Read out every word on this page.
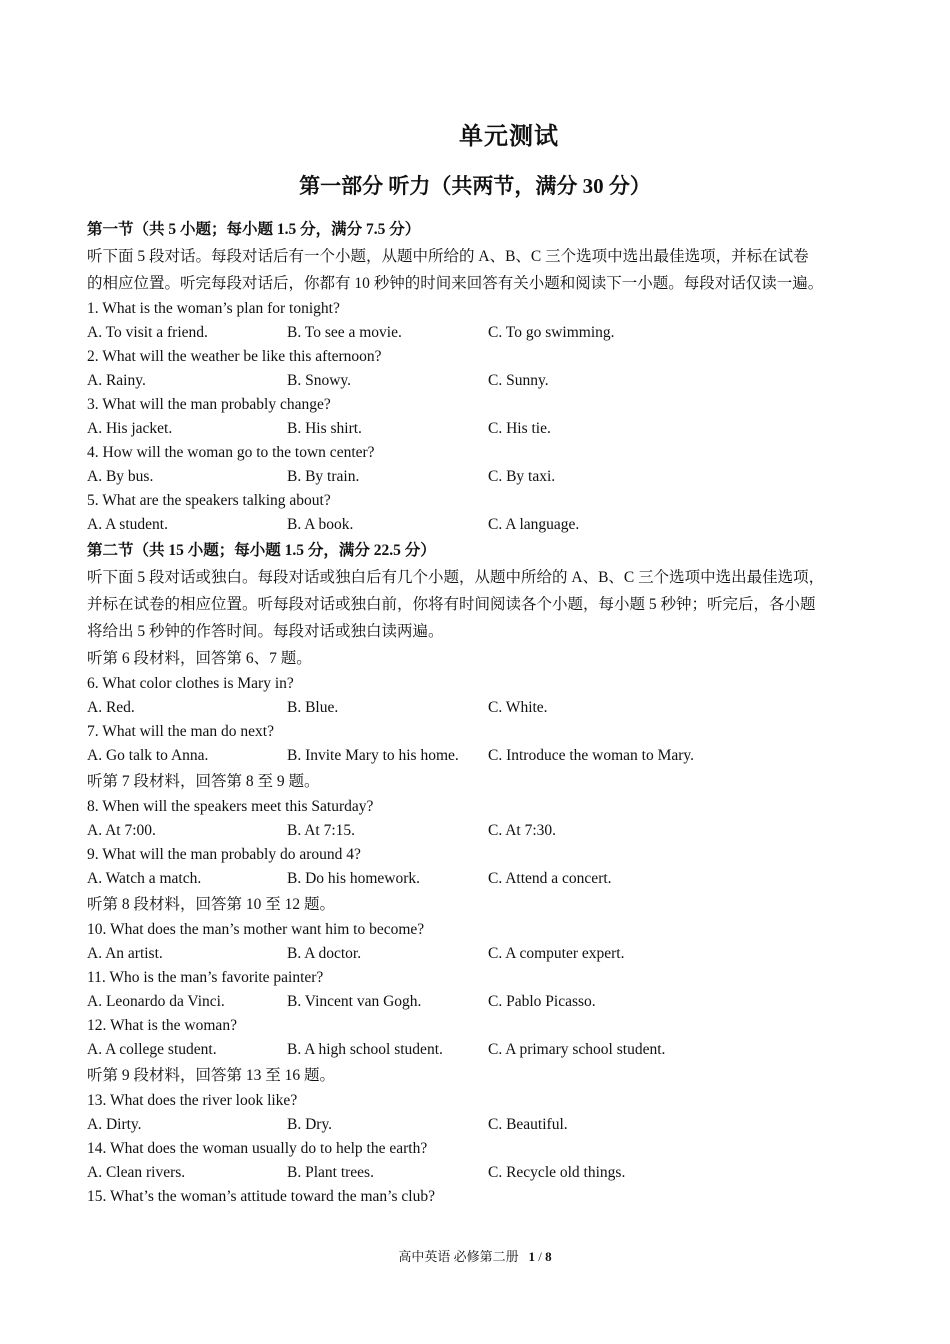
单元测试
第一部分 听力（共两节，满分 30 分）
第一节（共 5 小题；每小题 1.5 分，满分 7.5 分）
听下面 5 段对话。每段对话后有一个小题，从题中所给的 A、B、C 三个选项中选出最佳选项，并标在试卷
的相应位置。听完每段对话后，你都有 10 秒钟的时间来回答有关小题和阅读下一小题。每段对话仅读一遍。
1. What is the woman’s plan for tonight?
A. To visit a friend.	B. To see a movie.	C. To go swimming.
2. What will the weather be like this afternoon?
A. Rainy.	B. Snowy.	C. Sunny.
3. What will the man probably change?
A. His jacket.	B. His shirt.	C. His tie.
4. How will the woman go to the town center?
A. By bus.	B. By train.	C. By taxi.
5. What are the speakers talking about?
A. A student.	B. A book.	C. A language.
第二节（共 15 小题；每小题 1.5 分，满分 22.5 分）
听下面 5 段对话或独白。每段对话或独白后有几个小题，从题中所给的 A、B、C 三个选项中选出最佳选项，
并标在试卷的相应位置。听每段对话或独白前，你将有时间阅读各个小题，每小题 5 秒钟；听完后，各小题
将给出 5 秒钟的作答时间。每段对话或独白读两遍。
听第 6 段材料，回答第 6、7 题。
6. What color clothes is Mary in?
A. Red.	B. Blue.	C. White.
7. What will the man do next?
A. Go talk to Anna.	B. Invite Mary to his home. C. Introduce the woman to Mary.
听第 7 段材料，回答第 8 至 9 题。
8. When will the speakers meet this Saturday?
A. At 7:00.	B. At 7:15.	C. At 7:30.
9. What will the man probably do around 4?
A. Watch a match.	B. Do his homework.	C. Attend a concert.
听第 8 段材料，回答第 10 至 12 题。
10. What does the man’s mother want him to become?
A. An artist.	B. A doctor.	C. A computer expert.
11. Who is the man’s favorite painter?
A. Leonardo da Vinci.	B. Vincent van Gogh.	C. Pablo Picasso.
12. What is the woman?
A. A college student.	B. A high school student.	C. A primary school student.
听第 9 段材料，回答第 13 至 16 题。
13. What does the river look like?
A. Dirty.	B. Dry.	C. Beautiful.
14. What does the woman usually do to help the earth?
A. Clean rivers.	B. Plant trees.	C. Recycle old things.
15. What’s the woman’s attitude toward the man’s club?
高中英语 必修第二册 1 / 8
